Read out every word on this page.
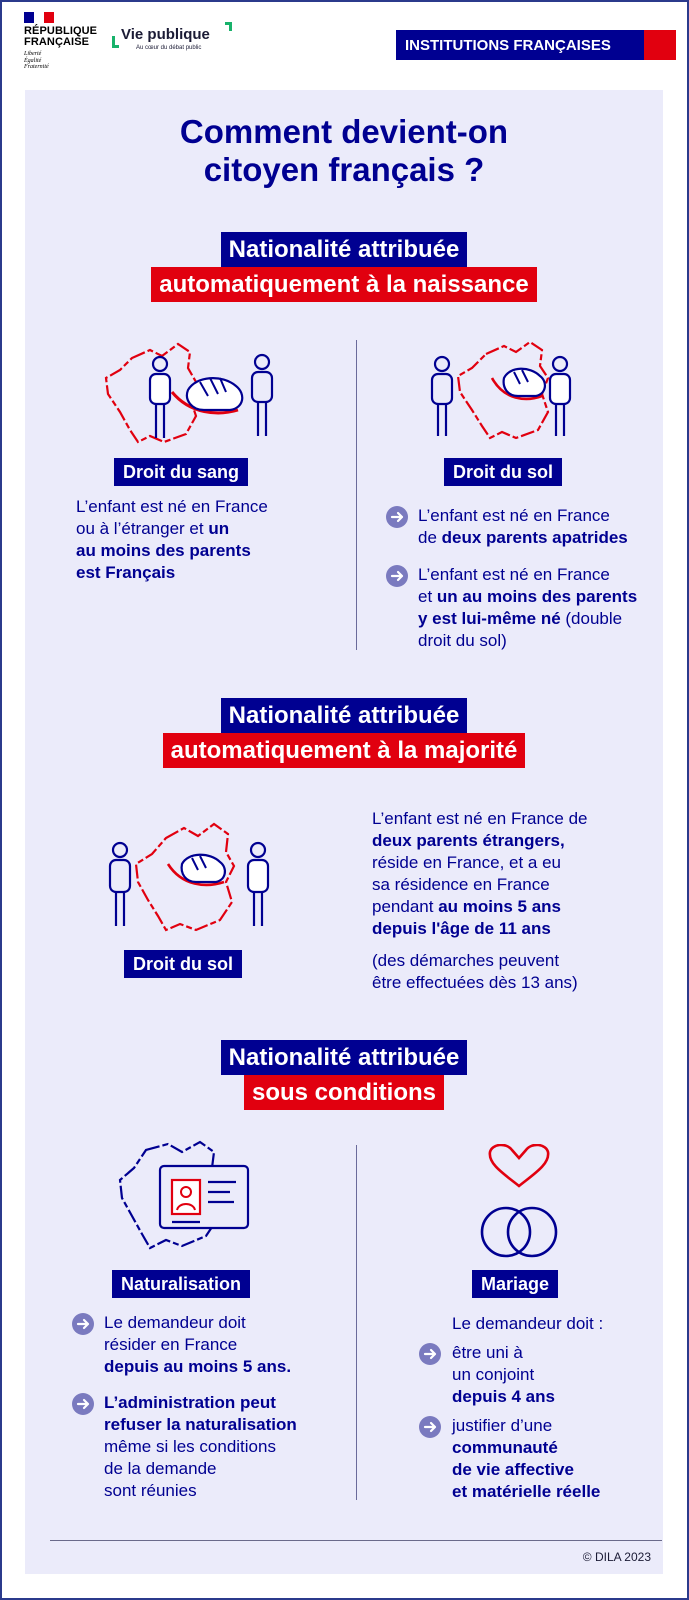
RÉPUBLIQUE
FRANÇAISE
Liberté
Égalité
Fraternité
Vie publique
Au cœur du débat public	INSTITUTIONS FRANÇAISES
Comment devient-on
citoyen français ?
Nationalité attribuée
automatiquement à la naissance
Droit du sang
L’enfant est né en France
ou à l’étranger et un
au moins des parents
est Français
Droit du sol
L’enfant est né en France
de deux parents apatrides
L’enfant est né en France
et un au moins des parents
y est lui-même né (double
droit du sol)
Nationalité attribuée
automatiquement à la majorité
Droit du sol
L’enfant est né en France de
deux parents étrangers,
réside en France, et a eu
sa résidence en France
pendant au moins 5 ans
depuis l'âge de 11 ans
(des démarches peuvent
être effectuées dès 13 ans)
Nationalité attribuée
sous conditions
Naturalisation
Le demandeur doit
résider en France
depuis au moins 5 ans.
L’administration peut
refuser la naturalisation
même si les conditions
de la demande
sont réunies
Mariage
Le demandeur doit :
être uni à
un conjoint
depuis 4 ans
justifier d’une
communauté
de vie affective
et matérielle réelle
© DILA 2023
